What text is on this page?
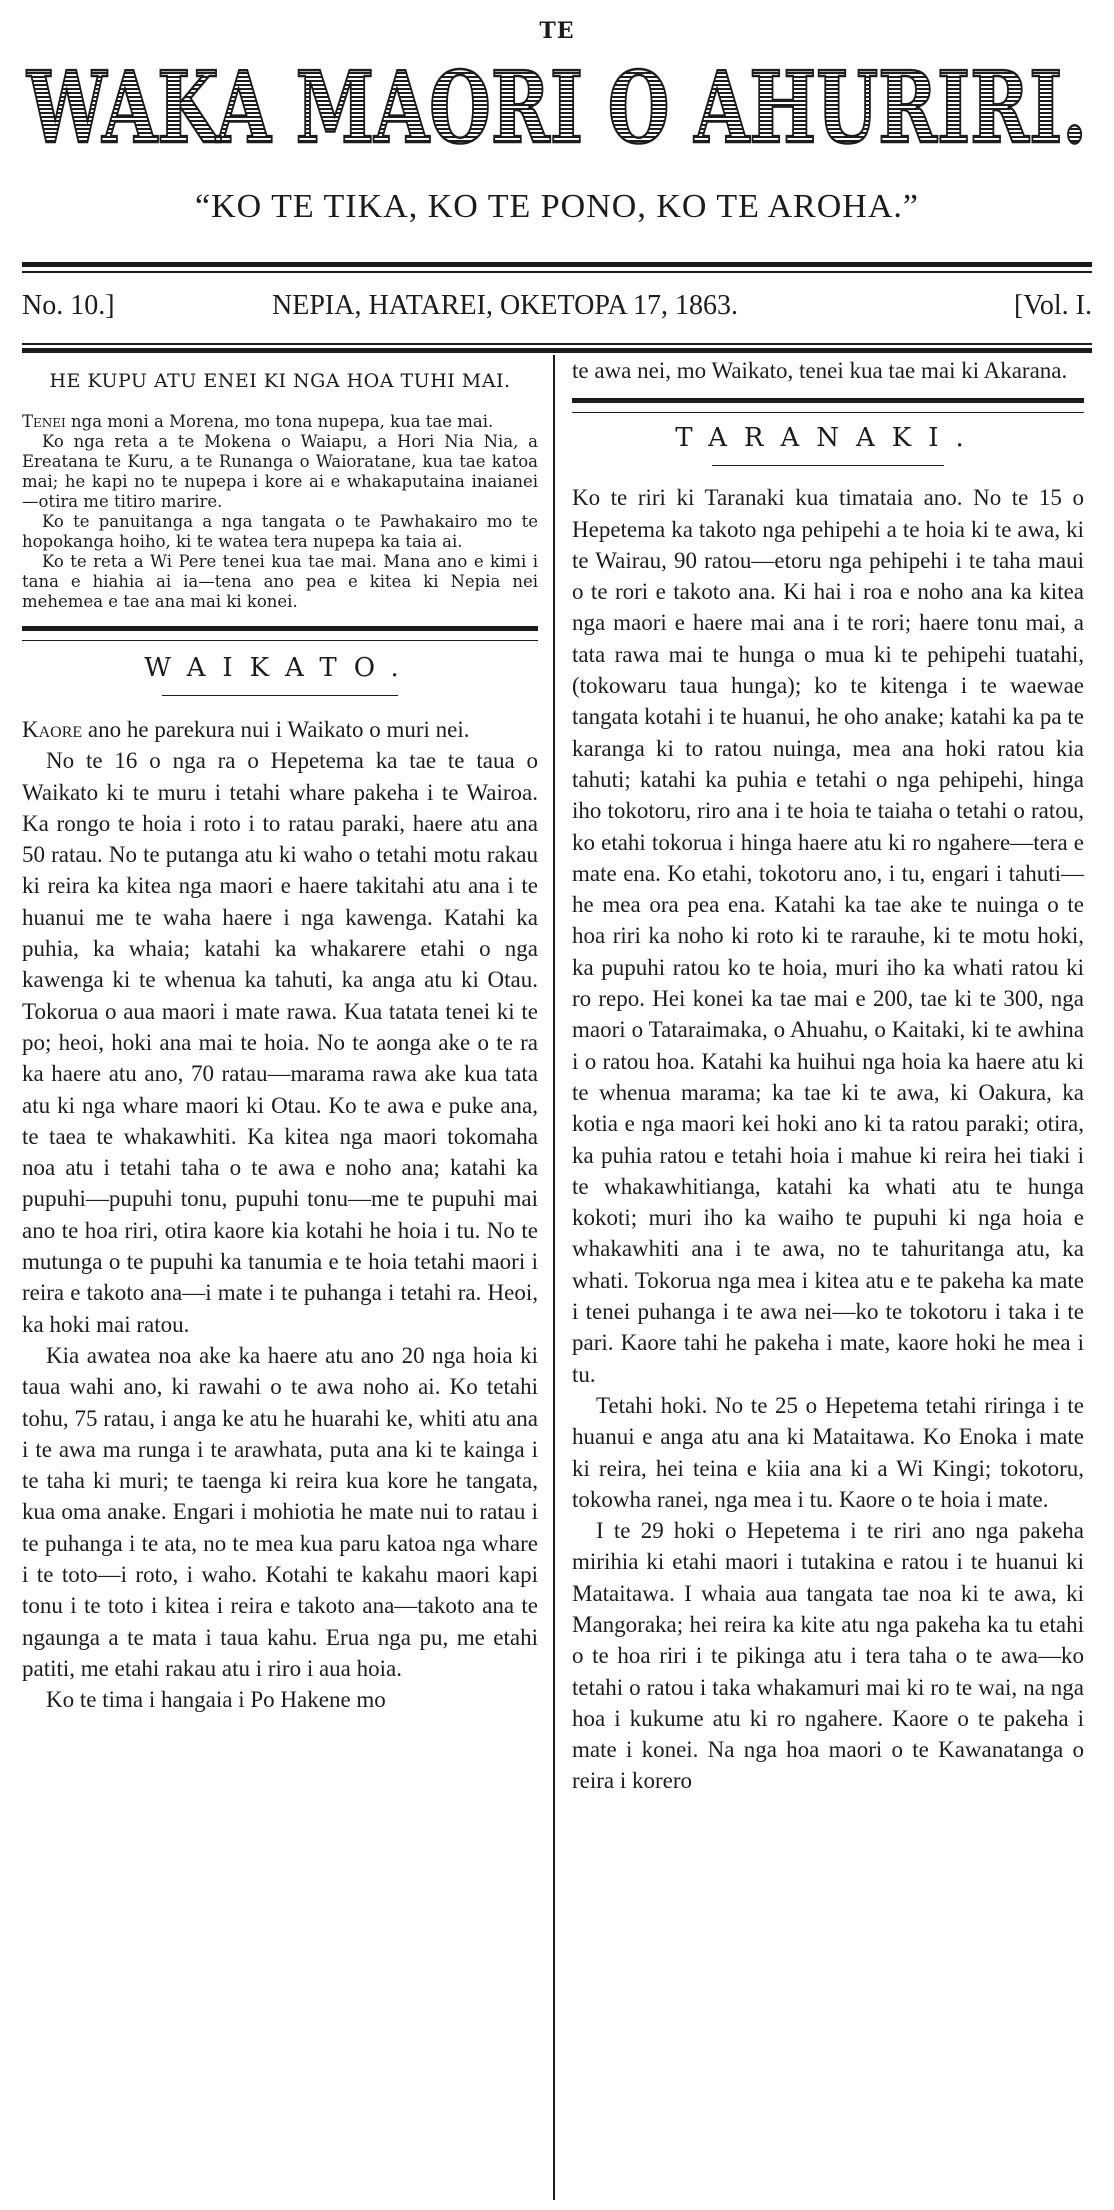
TE
WAKA MAORI O AHURIRI.
“KO TE TIKA, KO TE PONO, KO TE AROHA.”
No. 10.]	NEPIA, HATAREI, OKETOPA 17, 1863.	[Vol. I.
HE KUPU ATU ENEI KI NGA HOA TUHI MAI.

Tenei nga moni a Morena, mo tona nupepa, kua tae mai.

Ko nga reta a te Mokena o Waiapu, a Hori Nia Nia, a Ereatana te Kuru, a te Runanga o Waioratane, kua tae katoa mai; he kapi no te nupepa i kore ai e whakaputaina inaianei—otira me titiro marire.

Ko te panuitanga a nga tangata o te Pawhakairo mo te hopokanga hoiho, ki te watea tera nupepa ka taia ai.

Ko te reta a Wi Pere tenei kua tae mai. Mana ano e kimi i tana e hiahia ai ia—tena ano pea e kitea ki Nepia nei mehemea e tae ana mai ki konei.

WAIKATO.

Kaore ano he parekura nui i Waikato o muri nei.

No te 16 o nga ra o Hepetema ka tae te taua o Waikato ki te muru i tetahi whare pakeha i te Wairoa. Ka rongo te hoia i roto i to ratau paraki, haere atu ana 50 ratau. No te putanga atu ki waho o tetahi motu rakau ki reira ka kitea nga maori e haere takitahi atu ana i te huanui me te waha haere i nga kawenga. Katahi ka puhia, ka whaia; katahi ka whakarere etahi o nga kawenga ki te whenua ka tahuti, ka anga atu ki Otau. Tokorua o aua maori i mate rawa. Kua tatata tenei ki te po; heoi, hoki ana mai te hoia. No te aonga ake o te ra ka haere atu ano, 70 ratau—marama rawa ake kua tata atu ki nga whare maori ki Otau. Ko te awa e puke ana, te taea te whakawhiti. Ka kitea nga maori tokomaha noa atu i tetahi taha o te awa e noho ana; katahi ka pupuhi—pupuhi tonu, pupuhi tonu—me te pupuhi mai ano te hoa riri, otira kaore kia kotahi he hoia i tu. No te mutunga o te pupuhi ka tanumia e te hoia tetahi maori i reira e takoto ana—i mate i te puhanga i tetahi ra. Heoi, ka hoki mai ratou.

Kia awatea noa ake ka haere atu ano 20 nga hoia ki taua wahi ano, ki rawahi o te awa noho ai. Ko tetahi tohu, 75 ratau, i anga ke atu he huarahi ke, whiti atu ana i te awa ma runga i te arawhata, puta ana ki te kainga i te taha ki muri; te taenga ki reira kua kore he tangata, kua oma anake. Engari i mohiotia he mate nui to ratau i te puhanga i te ata, no te mea kua paru katoa nga whare i te toto—i roto, i waho. Kotahi te kakahu maori kapi tonu i te toto i kitea i reira e takoto ana—takoto ana te ngaunga a te mata i taua kahu. Erua nga pu, me etahi patiti, me etahi rakau atu i riro i aua hoia.

Ko te tima i hangaia i Po Hakene mo

te awa nei, mo Waikato, tenei kua tae mai ki Akarana.

TARANAKI.

Ko te riri ki Taranaki kua timataia ano. No te 15 o Hepetema ka takoto nga pehipehi a te hoia ki te awa, ki te Wairau, 90 ratou—etoru nga pehipehi i te taha maui o te rori e takoto ana. Ki hai i roa e noho ana ka kitea nga maori e haere mai ana i te rori; haere tonu mai, a tata rawa mai te hunga o mua ki te pehipehi tuatahi, (tokowaru taua hunga); ko te kitenga i te waewae tangata kotahi i te huanui, he oho anake; katahi ka pa te karanga ki to ratou nuinga, mea ana hoki ratou kia tahuti; katahi ka puhia e tetahi o nga pehipehi, hinga iho tokotoru, riro ana i te hoia te taiaha o tetahi o ratou, ko etahi tokorua i hinga haere atu ki ro ngahere—tera e mate ena. Ko etahi, tokotoru ano, i tu, engari i tahuti—he mea ora pea ena. Katahi ka tae ake te nuinga o te hoa riri ka noho ki roto ki te rarauhe, ki te motu hoki, ka pupuhi ratou ko te hoia, muri iho ka whati ratou ki ro repo. Hei konei ka tae mai e 200, tae ki te 300, nga maori o Tataraimaka, o Ahuahu, o Kaitaki, ki te awhina i o ratou hoa. Katahi ka huihui nga hoia ka haere atu ki te whenua marama; ka tae ki te awa, ki Oakura, ka kotia e nga maori kei hoki ano ki ta ratou paraki; otira, ka puhia ratou e tetahi hoia i mahue ki reira hei tiaki i te whakawhitianga, katahi ka whati atu te hunga kokoti; muri iho ka waiho te pupuhi ki nga hoia e whakawhiti ana i te awa, no te tahuritanga atu, ka whati. Tokorua nga mea i kitea atu e te pakeha ka mate i tenei puhanga i te awa nei—ko te tokotoru i taka i te pari. Kaore tahi he pakeha i mate, kaore hoki he mea i tu.

Tetahi hoki. No te 25 o Hepetema tetahi riringa i te huanui e anga atu ana ki Mataitawa. Ko Enoka i mate ki reira, hei teina e kiia ana ki a Wi Kingi; tokotoru, tokowha ranei, nga mea i tu. Kaore o te hoia i mate.

I te 29 hoki o Hepetema i te riri ano nga pakeha mirihia ki etahi maori i tutakina e ratou i te huanui ki Mataitawa. I whaia aua tangata tae noa ki te awa, ki Mangoraka; hei reira ka kite atu nga pakeha ka tu etahi o te hoa riri i te pikinga atu i tera taha o te awa—ko tetahi o ratou i taka whakamuri mai ki ro te wai, na nga hoa i kukume atu ki ro ngahere. Kaore o te pakeha i mate i konei. Na nga hoa maori o te Kawanatanga o reira i korero
